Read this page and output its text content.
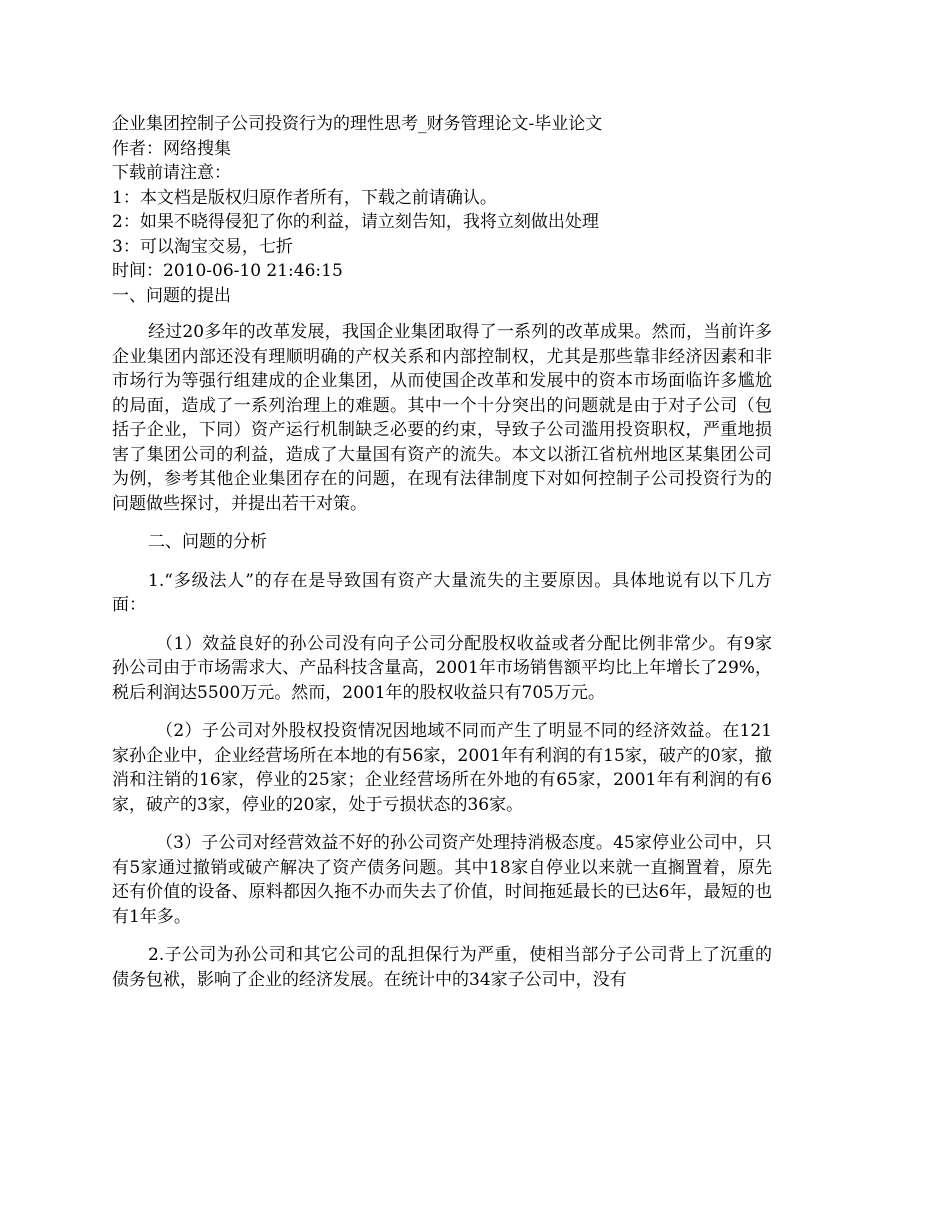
企业集团控制子公司投资行为的理性思考_财务管理论文-毕业论文

作者：网络搜集

下载前请注意：

1：本文档是版权归原作者所有，下载之前请确认。

2：如果不晓得侵犯了你的利益，请立刻告知，我将立刻做出处理

3：可以淘宝交易，七折

时间：2010-06-10 21:46:15

一、问题的提出

经过20多年的改革发展，我国企业集团取得了一系列的改革成果。然而，当前许多企业集团内部还没有理顺明确的产权关系和内部控制权，尤其是那些靠非经济因素和非市场行为等强行组建成的企业集团，从而使国企改革和发展中的资本市场面临许多尴尬的局面，造成了一系列治理上的难题。其中一个十分突出的问题就是由于对子公司（包括子企业，下同）资产运行机制缺乏必要的约束，导致子公司滥用投资职权，严重地损害了集团公司的利益，造成了大量国有资产的流失。本文以浙江省杭州地区某集团公司为例，参考其他企业集团存在的问题，在现有法律制度下对如何控制子公司投资行为的问题做些探讨，并提出若干对策。

二、问题的分析

1.“多级法人”的存在是导致国有资产大量流失的主要原因。具体地说有以下几方面：

（1）效益良好的孙公司没有向子公司分配股权收益或者分配比例非常少。有9家孙公司由于市场需求大、产品科技含量高，2001年市场销售额平均比上年增长了29%，税后利润达5500万元。然而，2001年的股权收益只有705万元。

（2）子公司对外股权投资情况因地域不同而产生了明显不同的经济效益。在121家孙企业中，企业经营场所在本地的有56家，2001年有利润的有15家，破产的0家，撤消和注销的16家，停业的25家；企业经营场所在外地的有65家，2001年有利润的有6家，破产的3家，停业的20家，处于亏损状态的36家。

（3）子公司对经营效益不好的孙公司资产处理持消极态度。45家停业公司中，只有5家通过撤销或破产解决了资产债务问题。其中18家自停业以来就一直搁置着，原先还有价值的设备、原料都因久拖不办而失去了价值，时间拖延最长的已达6年，最短的也有1年多。

2.子公司为孙公司和其它公司的乱担保行为严重，使相当部分子公司背上了沉重的债务包袱，影响了企业的经济发展。在统计中的34家子公司中，没有
